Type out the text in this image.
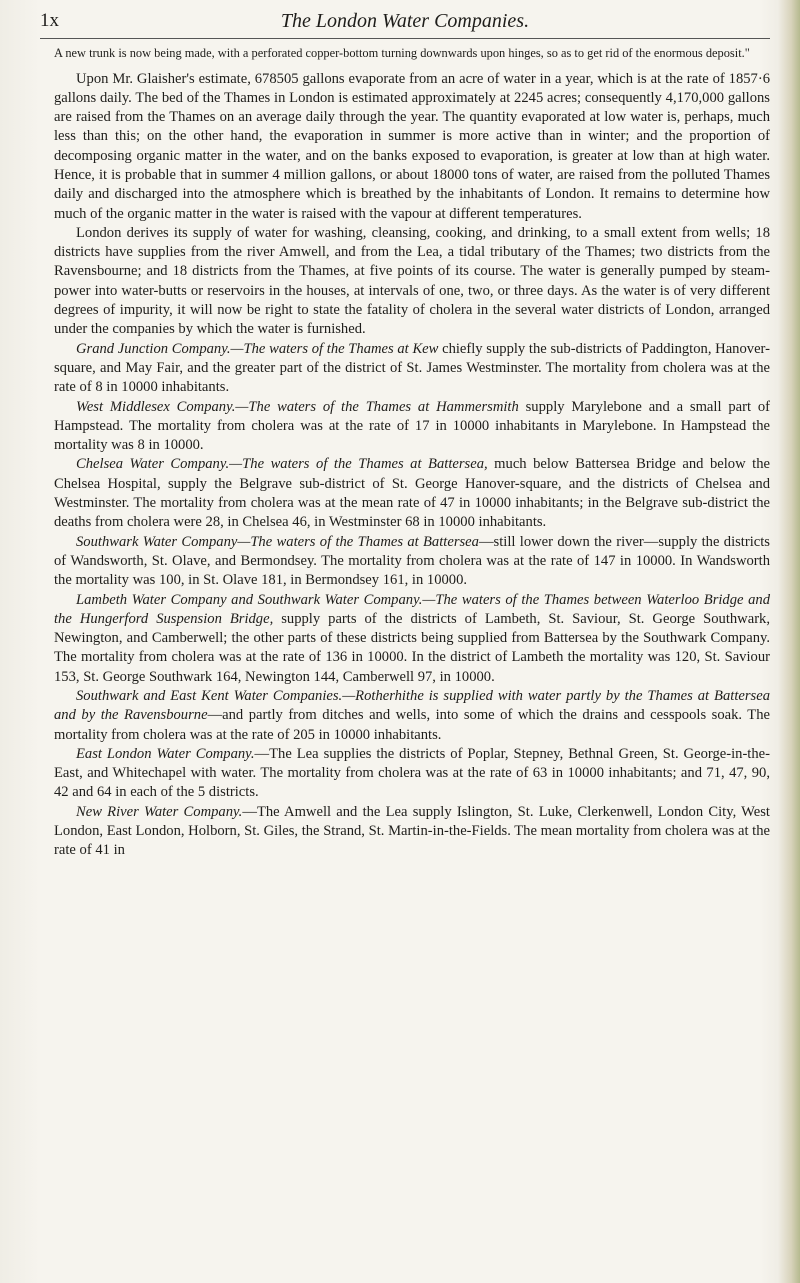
1x	The London Water Companies.

A new trunk is now being made, with a perforated copper-bottom turning downwards upon hinges, so as to get rid of the enormous deposit."

Upon Mr. Glaisher's estimate, 678505 gallons evaporate from an acre of water in a year, which is at the rate of 1857·6 gallons daily. The bed of the Thames in London is estimated approximately at 2245 acres; consequently 4,170,000 gallons are raised from the Thames on an average daily through the year. The quantity evaporated at low water is, perhaps, much less than this; on the other hand, the evaporation in summer is more active than in winter; and the proportion of decomposing organic matter in the water, and on the banks exposed to evaporation, is greater at low than at high water. Hence, it is probable that in summer 4 million gallons, or about 18000 tons of water, are raised from the polluted Thames daily and discharged into the atmosphere which is breathed by the inhabitants of London. It remains to determine how much of the organic matter in the water is raised with the vapour at different temperatures.

London derives its supply of water for washing, cleansing, cooking, and drinking, to a small extent from wells; 18 districts have supplies from the river Amwell, and from the Lea, a tidal tributary of the Thames; two districts from the Ravensbourne; and 18 districts from the Thames, at five points of its course. The water is generally pumped by steam-power into water-butts or reservoirs in the houses, at intervals of one, two, or three days. As the water is of very different degrees of impurity, it will now be right to state the fatality of cholera in the several water districts of London, arranged under the companies by which the water is furnished.

Grand Junction Company.—The waters of the Thames at Kew chiefly supply the sub-districts of Paddington, Hanover-square, and May Fair, and the greater part of the district of St. James Westminster. The mortality from cholera was at the rate of 8 in 10000 inhabitants.

West Middlesex Company.—The waters of the Thames at Hammersmith supply Marylebone and a small part of Hampstead. The mortality from cholera was at the rate of 17 in 10000 inhabitants in Marylebone. In Hampstead the mortality was 8 in 10000.

Chelsea Water Company.—The waters of the Thames at Battersea, much below Battersea Bridge and below the Chelsea Hospital, supply the Belgrave sub-district of St. George Hanover-square, and the districts of Chelsea and Westminster. The mortality from cholera was at the mean rate of 47 in 10000 inhabitants; in the Belgrave sub-district the deaths from cholera were 28, in Chelsea 46, in Westminster 68 in 10000 inhabitants.

Southwark Water Company—The waters of the Thames at Battersea—still lower down the river—supply the districts of Wandsworth, St. Olave, and Bermondsey. The mortality from cholera was at the rate of 147 in 10000. In Wandsworth the mortality was 100, in St. Olave 181, in Bermondsey 161, in 10000.

Lambeth Water Company and Southwark Water Company.—The waters of the Thames between Waterloo Bridge and the Hungerford Suspension Bridge, supply parts of the districts of Lambeth, St. Saviour, St. George Southwark, Newington, and Camberwell; the other parts of these districts being supplied from Battersea by the Southwark Company. The mortality from cholera was at the rate of 136 in 10000. In the district of Lambeth the mortality was 120, St. Saviour 153, St. George Southwark 164, Newington 144, Camberwell 97, in 10000.

Southwark and East Kent Water Companies.—Rotherhithe is supplied with water partly by the Thames at Battersea and by the Ravensbourne—and partly from ditches and wells, into some of which the drains and cesspools soak. The mortality from cholera was at the rate of 205 in 10000 inhabitants.

East London Water Company.—The Lea supplies the districts of Poplar, Stepney, Bethnal Green, St. George-in-the-East, and Whitechapel with water. The mortality from cholera was at the rate of 63 in 10000 inhabitants; and 71, 47, 90, 42 and 64 in each of the 5 districts.

New River Water Company.—The Amwell and the Lea supply Islington, St. Luke, Clerkenwell, London City, West London, East London, Holborn, St. Giles, the Strand, St. Martin-in-the-Fields. The mean mortality from cholera was at the rate of 41 in
